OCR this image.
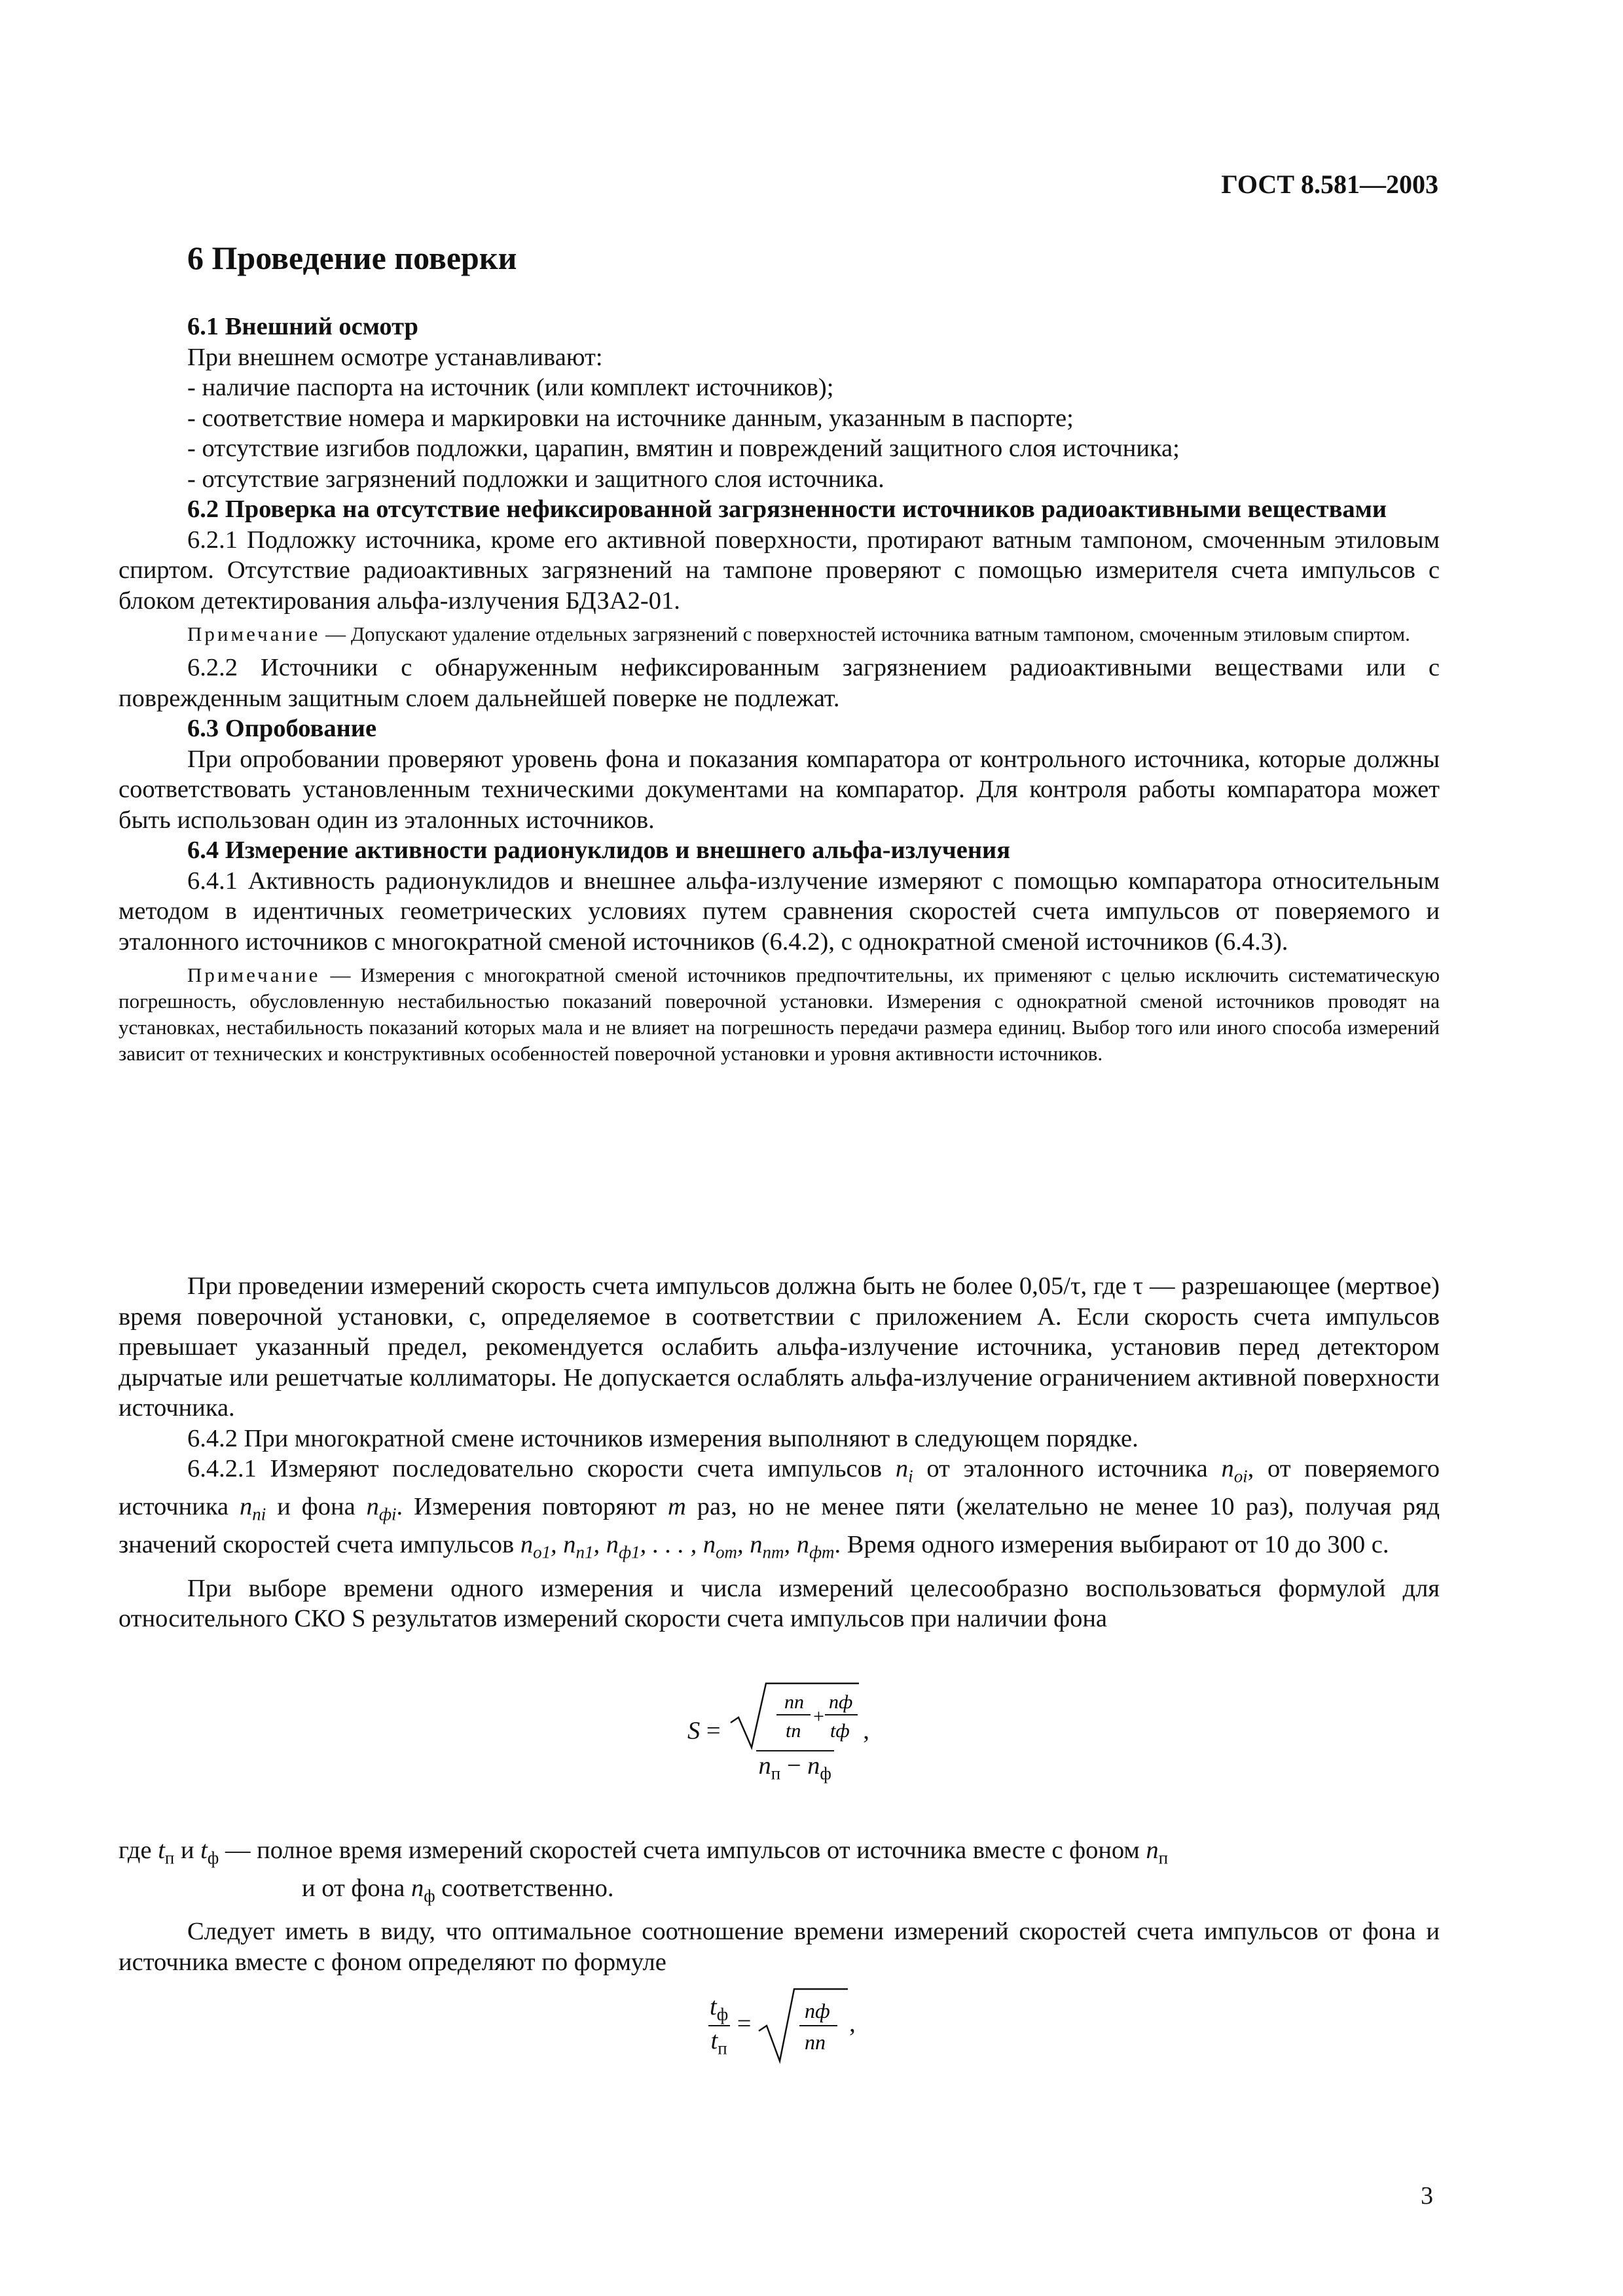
ГОСТ 8.581—2003
6 Проведение поверки

6.1 Внешний осмотр

При внешнем осмотре устанавливают:

- наличие паспорта на источник (или комплект источников);

- соответствие номера и маркировки на источнике данным, указанным в паспорте;

- отсутствие изгибов подложки, царапин, вмятин и повреждений защитного слоя источника;

- отсутствие загрязнений подложки и защитного слоя источника.

6.2 Проверка на отсутствие нефиксированной загрязненности источников радиоактивными веществами

6.2.1 Подложку источника, кроме его активной поверхности, протирают ватным тампоном, смоченным этиловым спиртом. Отсутствие радиоактивных загрязнений на тампоне проверяют с помощью измерителя счета импульсов с блоком детектирования альфа-излучения БДЗА2-01.

Примечание — Допускают удаление отдельных загрязнений с поверхностей источника ватным тампоном, смоченным этиловым спиртом.

6.2.2 Источники с обнаруженным нефиксированным загрязнением радиоактивными веществами или с поврежденным защитным слоем дальнейшей поверке не подлежат.

6.3 Опробование

При опробовании проверяют уровень фона и показания компаратора от контрольного источника, которые должны соответствовать установленным техническими документами на компаратор. Для контроля работы компаратора может быть использован один из эталонных источников.

6.4 Измерение активности радионуклидов и внешнего альфа-излучения

6.4.1 Активность радионуклидов и внешнее альфа-излучение измеряют с помощью компаратора относительным методом в идентичных геометрических условиях путем сравнения скоростей счета импульсов от поверяемого и эталонного источников с многократной сменой источников (6.4.2), с однократной сменой источников (6.4.3).

Примечание — Измерения с многократной сменой источников предпочтительны, их применяют с целью исключить систематическую погрешность, обусловленную нестабильностью показаний поверочной установки. Измерения с однократной сменой источников проводят на установках, нестабильность показаний которых мала и не влияет на погрешность передачи размера единиц. Выбор того или иного способа измерений зависит от технических и конструктивных особенностей поверочной установки и уровня активности источников.

При проведении измерений скорость счета импульсов должна быть не более 0,05/τ, где τ — разрешающее (мертвое) время поверочной установки, с, определяемое в соответствии с приложением А. Если скорость счета импульсов превышает указанный предел, рекомендуется ослабить альфа-излучение источника, установив перед детектором дырчатые или решетчатые коллиматоры. Не допускается ослаблять альфа-излучение ограничением активной поверхности источника.

6.4.2 При многократной смене источников измерения выполняют в следующем порядке.

6.4.2.1 Измеряют последовательно скорости счета импульсов $n_i$ от эталонного источника $n_{oi}$, от поверяемого источника $n_{пi}$ и фона $n_{фi}$. Измерения повторяют m раз, но не менее пяти (желательно не менее 10 раз), получая ряд значений скоростей счета импульсов $n_{о1}$, $n_{п1}$, $n_{ф1}$, . . . , $n_{оm}$, $n_{пm}$, $n_{фm}$. Время одного измерения выбирают от 10 до 300 с.

При выборе времени одного измерения и числа измерений целесообразно воспользоваться формулой для относительного СКО S результатов измерений скорости счета импульсов при наличии фона

S =
nп
tп
+
nф
tф
$n_п - n_ф$
,

где $t_п$ и $t_ф$ — полное время измерений скоростей счета импульсов от источника вместе с фоном $n_п$

и от фона $n_ф$ соответственно.

Следует иметь в виду, что оптимальное соотношение времени измерений скоростей счета импульсов от фона и источника вместе с фоном определяют по формуле

$\frac{t_ф}{t_п}$ = nф
nп
,
3
